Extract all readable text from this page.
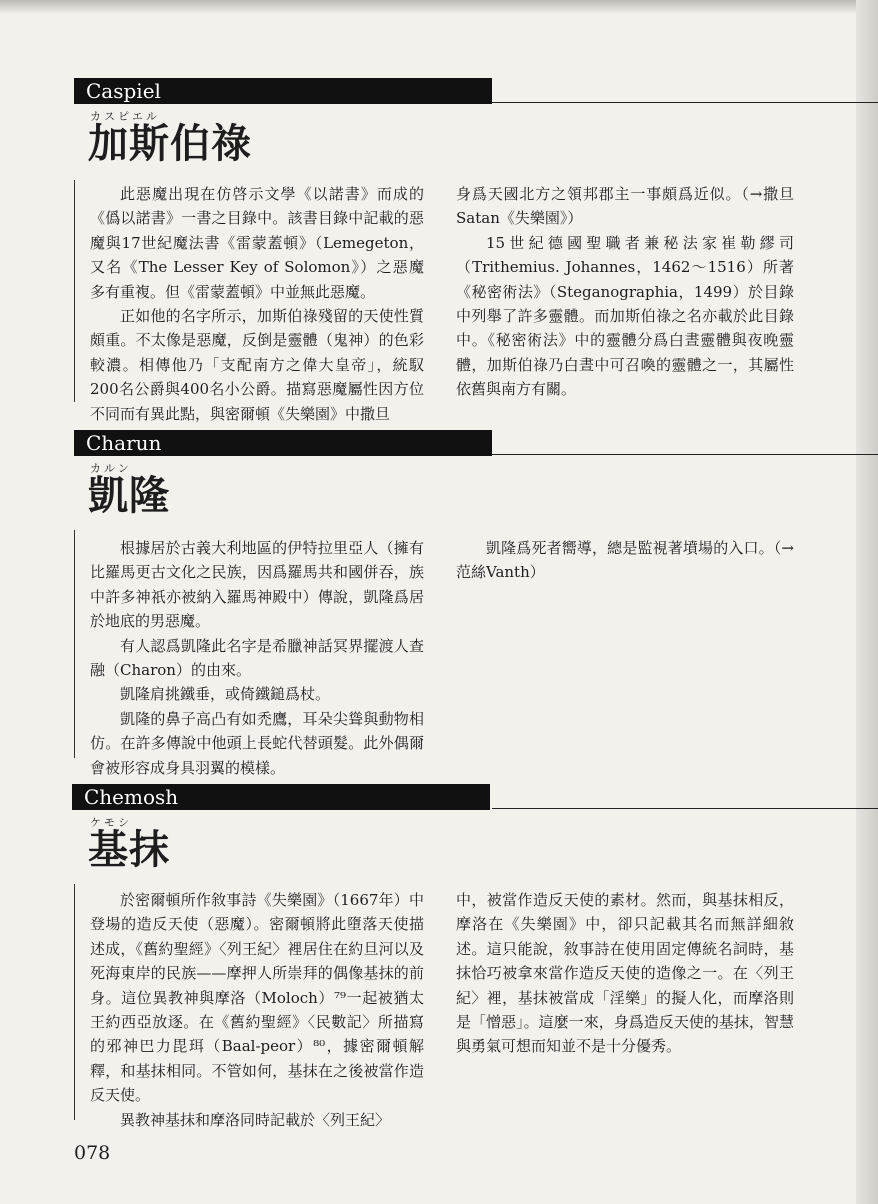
Caspiel
カスピエル
加斯伯祿

此惡魔出現在仿啓示文學《以諾書》而成的《僞以諾書》一書之目錄中。該書目錄中記載的惡魔與17世紀魔法書《雷蒙蓋頓》（Lemegeton，又名《The Lesser Key of Solomon》）之惡魔多有重複。但《雷蒙蓋頓》中並無此惡魔。

正如他的名字所示，加斯伯祿殘留的天使性質頗重。不太像是惡魔，反倒是靈體（鬼神）的色彩較濃。相傳他乃「支配南方之偉大皇帝」，統馭200名公爵與400名小公爵。描寫惡魔屬性因方位不同而有異此點，與密爾頓《失樂園》中撒旦

身爲天國北方之領邦郡主一事頗爲近似。（→撒旦Satan《失樂園》）

15世紀德國聖職者兼秘法家崔勒繆司（Trithemius. Johannes，1462～1516）所著《秘密術法》（Steganographia，1499）於目錄中列舉了許多靈體。而加斯伯祿之名亦載於此目錄中。《秘密術法》中的靈體分爲白晝靈體與夜晚靈體，加斯伯祿乃白晝中可召喚的靈體之一，其屬性依舊與南方有關。

Charun
カルン
凱隆

根據居於古義大利地區的伊特拉里亞人（擁有比羅馬更古文化之民族，因爲羅馬共和國併吞，族中許多神祇亦被納入羅馬神殿中）傳說，凱隆爲居於地底的男惡魔。

有人認爲凱隆此名字是希臘神話冥界擺渡人查融（Charon）的由來。

凱隆肩挑鐵垂，或倚鐵鎚爲杖。

凱隆的鼻子高凸有如禿鷹，耳朵尖聳與動物相仿。在許多傳說中他頭上長蛇代替頭髮。此外偶爾會被形容成身具羽翼的模樣。

凱隆爲死者嚮導，總是監視著墳場的入口。（→范絲Vanth）

Chemosh
ケモシ
基抹

於密爾頓所作敘事詩《失樂園》（1667年）中登場的造反天使（惡魔）。密爾頓將此墮落天使描述成，《舊約聖經》〈列王紀〉裡居住在約旦河以及死海東岸的民族——摩押人所崇拜的偶像基抹的前身。這位異教神與摩洛（Moloch）⁷⁹一起被猶太王約西亞放逐。在《舊約聖經》〈民數記〉所描寫的邪神巴力毘珥（Baal-peor）⁸⁰，據密爾頓解釋，和基抹相同。不管如何，基抹在之後被當作造反天使。

異教神基抹和摩洛同時記載於〈列王紀〉

中，被當作造反天使的素材。然而，與基抹相反，摩洛在《失樂園》中，卻只記載其名而無詳細敘述。這只能說，敘事詩在使用固定傳統名詞時，基抹恰巧被拿來當作造反天使的造像之一。在〈列王紀〉裡，基抹被當成「淫樂」的擬人化，而摩洛則是「憎惡」。這麼一來，身爲造反天使的基抹，智慧與勇氣可想而知並不是十分優秀。

078
